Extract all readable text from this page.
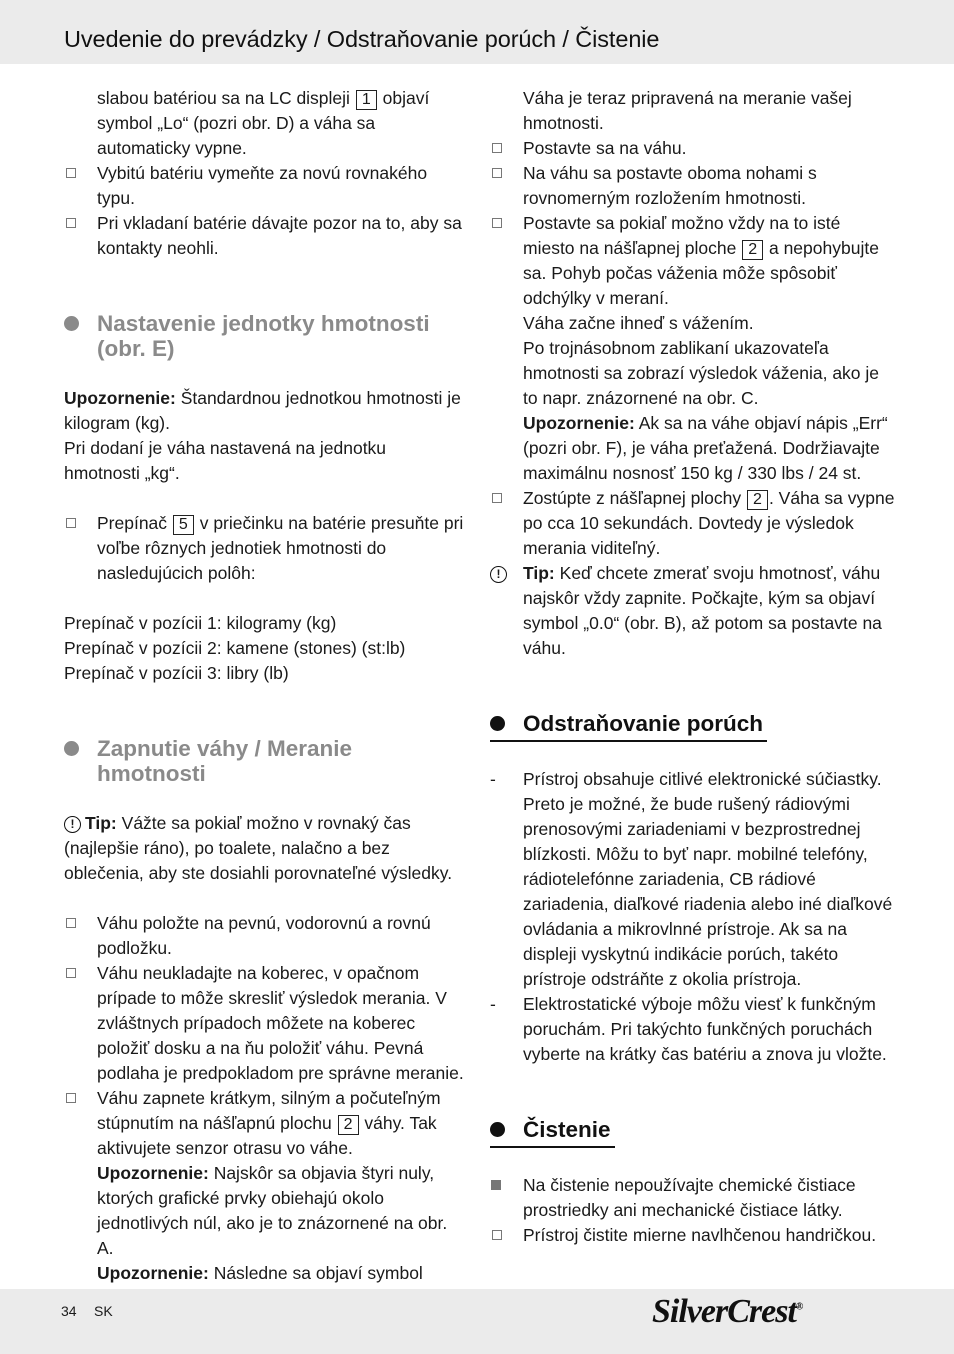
Uvedenie do prevádzky / Odstraňovanie porúch / Čistenie
slabou batériou sa na LC displeji 1 objaví symbol „Lo“ (pozri obr. D) a váha sa automaticky vypne.
Vybitú batériu vymeňte za novú rovnakého typu.
Pri vkladaní batérie dávajte pozor na to, aby sa kontakty neohli.
Nastavenie jednotky hmotnosti (obr. E)

Upozornenie: Štandardnou jednotkou hmotnosti je kilogram (kg).
Pri dodaní je váha nastavená na jednotku hmotnosti „kg“.

Prepínač 5 v priečinku na batérie presuňte pri voľbe rôznych jednotiek hmotnosti do nasledujúcich polôh:

Prepínač v pozícii 1: kilogramy (kg)

Prepínač v pozícii 2: kamene (stones) (st:lb)

Prepínač v pozícii 3: libry (lb)

Zapnutie váhy / Meranie hmotnosti

! Tip: Vážte sa pokiaľ možno v rovnaký čas (najlepšie ráno), po toalete, nalačno a bez oblečenia, aby ste dosiahli porovnateľné výsledky.

Váhu položte na pevnú, vodorovnú a rovnú podložku.
Váhu neukladajte na koberec, v opačnom prípade to môže skresliť výsledok merania. V zvláštnych prípadoch môžete na koberec položiť dosku a na ňu položiť váhu. Pevná podlaha je predpokladom pre správne meranie.
Váhu zapnete krátkym, silným a počuteľným stúpnutím na nášľapnú plochu 2 váhy. Tak aktivujete senzor otrasu vo váhe.
Upozornenie: Najskôr sa objavia štyri nuly, ktorých grafické prvky obiehajú okolo jednotlivých núl, ako je to znázornené na obr. A.
Upozornenie: Následne sa objaví symbol
Váha je teraz pripravená na meranie vašej hmotnosti.
Postavte sa na váhu.
Na váhu sa postavte oboma nohami s rovnomerným rozložením hmotnosti.
Postavte sa pokiaľ možno vždy na to isté miesto na nášľapnej ploche 2 a nepohybujte sa. Pohyb počas váženia môže spôsobiť odchýlky v meraní.
Váha začne ihneď s vážením.
Po trojnásobnom zablikaní ukazovateľa hmotnosti sa zobrazí výsledok váženia, ako je to napr. znázornené na obr. C.
Upozornenie: Ak sa na váhe objaví nápis „Err“ (pozri obr. F), je váha preťažená. Dodržiavajte maximálnu nosnosť 150 kg / 330 lbs / 24 st.
Zostúpte z nášľapnej plochy 2 . Váha sa vypne po cca 10 sekundách. Dovtedy je výsledok merania viditeľný.
!	Tip: Keď chcete zmerať svoju hmotnosť, váhu najskôr vždy zapnite. Počkajte, kým sa objaví symbol „0.0“ (obr. B), až potom sa postavte na váhu.
Odstraňovanie porúch
-	Prístroj obsahuje citlivé elektronické súčiastky. Preto je možné, že bude rušený rádiovými prenosovými zariadeniami v bezprostrednej blízkosti. Môžu to byť napr. mobilné telefóny, rádiotelefónne zariadenia, CB rádiové zariadenia, diaľkové riadenia alebo iné diaľkové ovládania a mikrovlnné prístroje. Ak sa na displeji vyskytnú indikácie porúch, takéto prístroje odstráňte z okolia prístroja.
-	Elektrostatické výboje môžu viesť k funkčným poruchám. Pri takýchto funkčných poruchách vyberte na krátky čas batériu a znova ju vložte.
Čistenie
Na čistenie nepoužívajte chemické čistiace prostriedky ani mechanické čistiace látky.
Prístroj čistite mierne navlhčenou handričkou.
34 SK	SilverCrest®
